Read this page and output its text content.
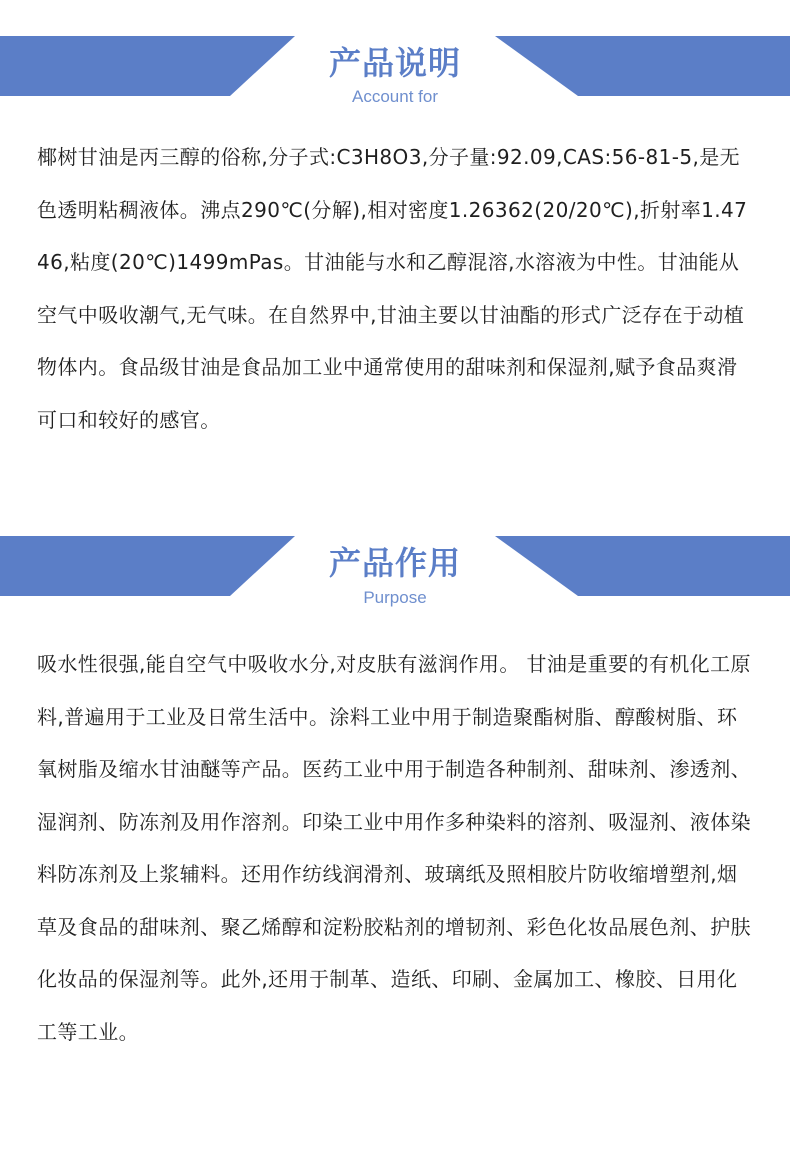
产品说明
Account for
椰树甘油是丙三醇的俗称,分子式:C3H8O3,分子量:92.09,CAS:56-81-5,是无色透明粘稠液体。沸点290℃(分解),相对密度1.26362(20/20℃),折射率1.4746,粘度(20℃)1499mPas。甘油能与水和乙醇混溶,水溶液为中性。甘油能从空气中吸收潮气,无气味。在自然界中,甘油主要以甘油酯的形式广泛存在于动植物体内。食品级甘油是食品加工业中通常使用的甜味剂和保湿剂,赋予食品爽滑可口和较好的感官。
产品作用
Purpose
吸水性很强,能自空气中吸收水分,对皮肤有滋润作用。 甘油是重要的有机化工原料,普遍用于工业及日常生活中。涂料工业中用于制造聚酯树脂、醇酸树脂、环氧树脂及缩水甘油醚等产品。医药工业中用于制造各种制剂、甜味剂、渗透剂、湿润剂、防冻剂及用作溶剂。印染工业中用作多种染料的溶剂、吸湿剂、液体染料防冻剂及上浆辅料。还用作纺线润滑剂、玻璃纸及照相胶片防收缩增塑剂,烟草及食品的甜味剂、聚乙烯醇和淀粉胶粘剂的增韧剂、彩色化妆品展色剂、护肤化妆品的保湿剂等。此外,还用于制革、造纸、印刷、金属加工、橡胶、日用化工等工业。
